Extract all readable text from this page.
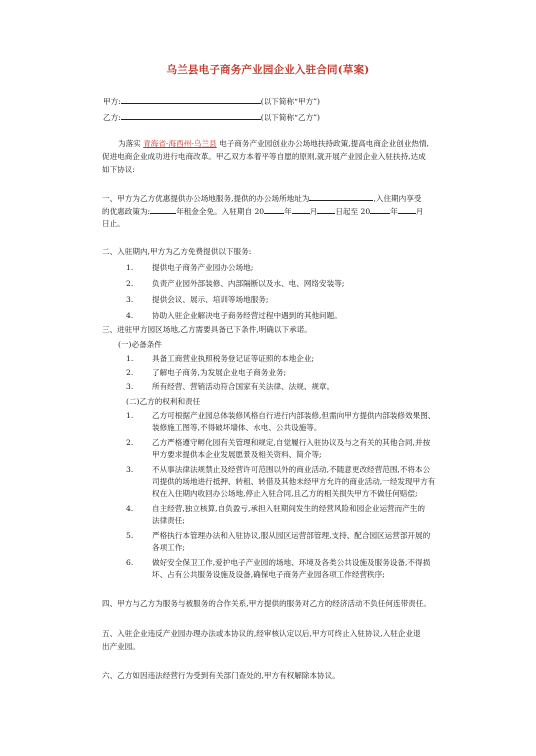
乌兰县电子商务产业园企业入驻合同(草案)
甲方:	(以下简称“甲方”)
乙方:	(以下简称“乙方”)
为落实 青海省-海西州-乌兰县 电子商务产业园创业办公场地扶持政策,提高电商企业创业热情,
促进电商企业成功进行电商改革。甲乙双方本着平等自愿的原则,就开展产业园企业入驻扶持,达成
如下协议:
一、甲方为乙方优惠提供办公场地服务,提供的办公场所地址为	,入住期内享受
的优惠政策为:	年租金全免。入驻期自 20	年 月 日起至 20	年 月
日止。
二、入驻期内,甲方为乙方免费提供以下服务:
1. 提供电子商务产业园办公场地;
2. 负责产业园外部装修、内部隔断以及水、电、网络安装等;
3. 提供会议、展示、培训等场地服务;
4. 协助入驻企业解决电子商务经营过程中遇到的其他问题。
三、进驻甲方园区场地,乙方需要具备已下条件,明确以下承诺。
(一)必备条件
1. 具备工商营业执照税务登记证等证照的本地企业;
2. 了解电子商务,为发展企业电子商务业务;
3. 所有经营、营销活动符合国家有关法律、法规、规章。
(二)乙方的权利和责任
1. 乙方可根据产业园总体装修风格自行进行内部装修,但需向甲方提供内部装修效果图、
装修施工图等,不得破坏墙体、水电、公共设施等。
2. 乙方严格遵守孵化园有关管理和规定,自觉履行入驻协议及与之有关的其他合同,并按
甲方要求提供本企业发展愿景及相关资料、简介等;
3. 不从事法律法规禁止及经营许可范围以外的商业活动,不随意更改经营范围,不将本公
司提供的场地进行抵押、转租、转借及其他未经甲方允许的商业活动,一经发现甲方有
权在入住期内收回办公场地,停止入驻合同,且乙方的相关损失甲方不做任何赔偿;
4. 自主经营,独立核算,自负盈亏,承担入驻期间发生的经营风险和园企业运营而产生的
法律责任;
5. 严格执行本管理办法和入驻协议,服从园区运营部管理,支持、配合园区运营部开展的
各项工作;
6. 做好安全保卫工作,爱护电子产业园的场地、环境及各类公共设施及服务设备,不得损
坏、占有公共服务设施及设备,确保电子商务产业园各项工作经营秩序;
四、甲方与乙方为服务与被服务的合作关系,甲方提供的服务对乙方的经济活动不负任何连带责任。
五、入驻企业违反产业园办理办法或本协议的,经审核认定以后,甲方可终止入驻协议,入驻企业退
出产业园。
六、乙方如因违法经营行为受到有关部门查处的,甲方有权解除本协议。
